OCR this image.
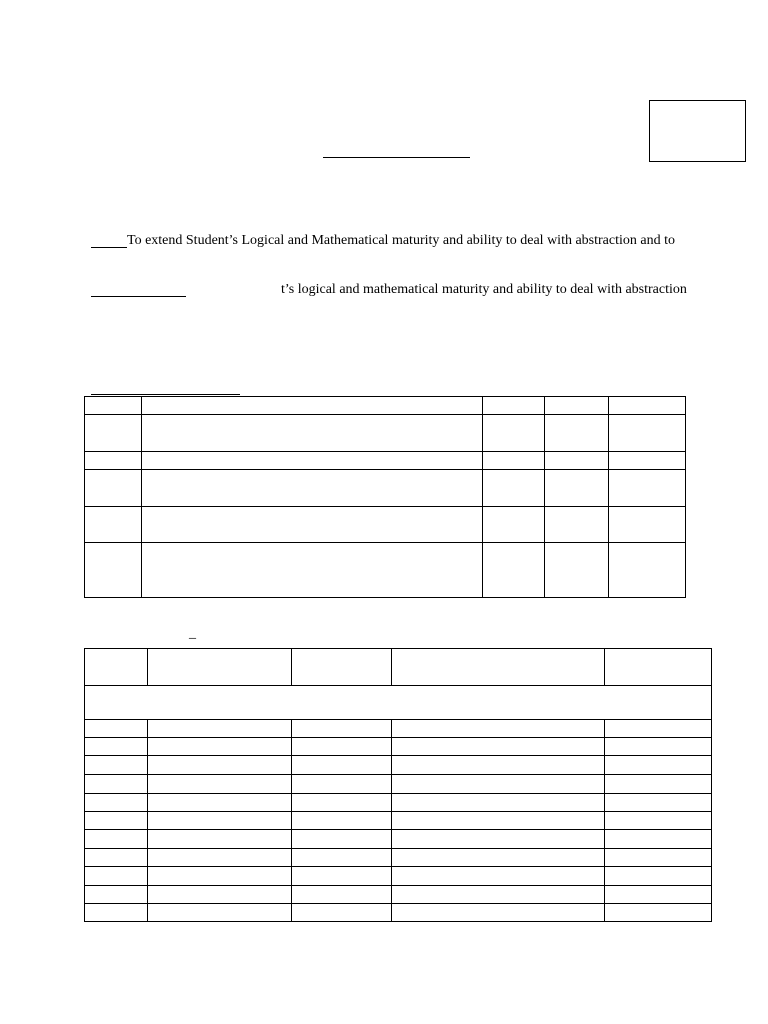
To extend Student’s Logical and Mathematical maturity and ability to deal with abstraction and to
t’s logical and mathematical maturity and ability to deal with abstraction

_
